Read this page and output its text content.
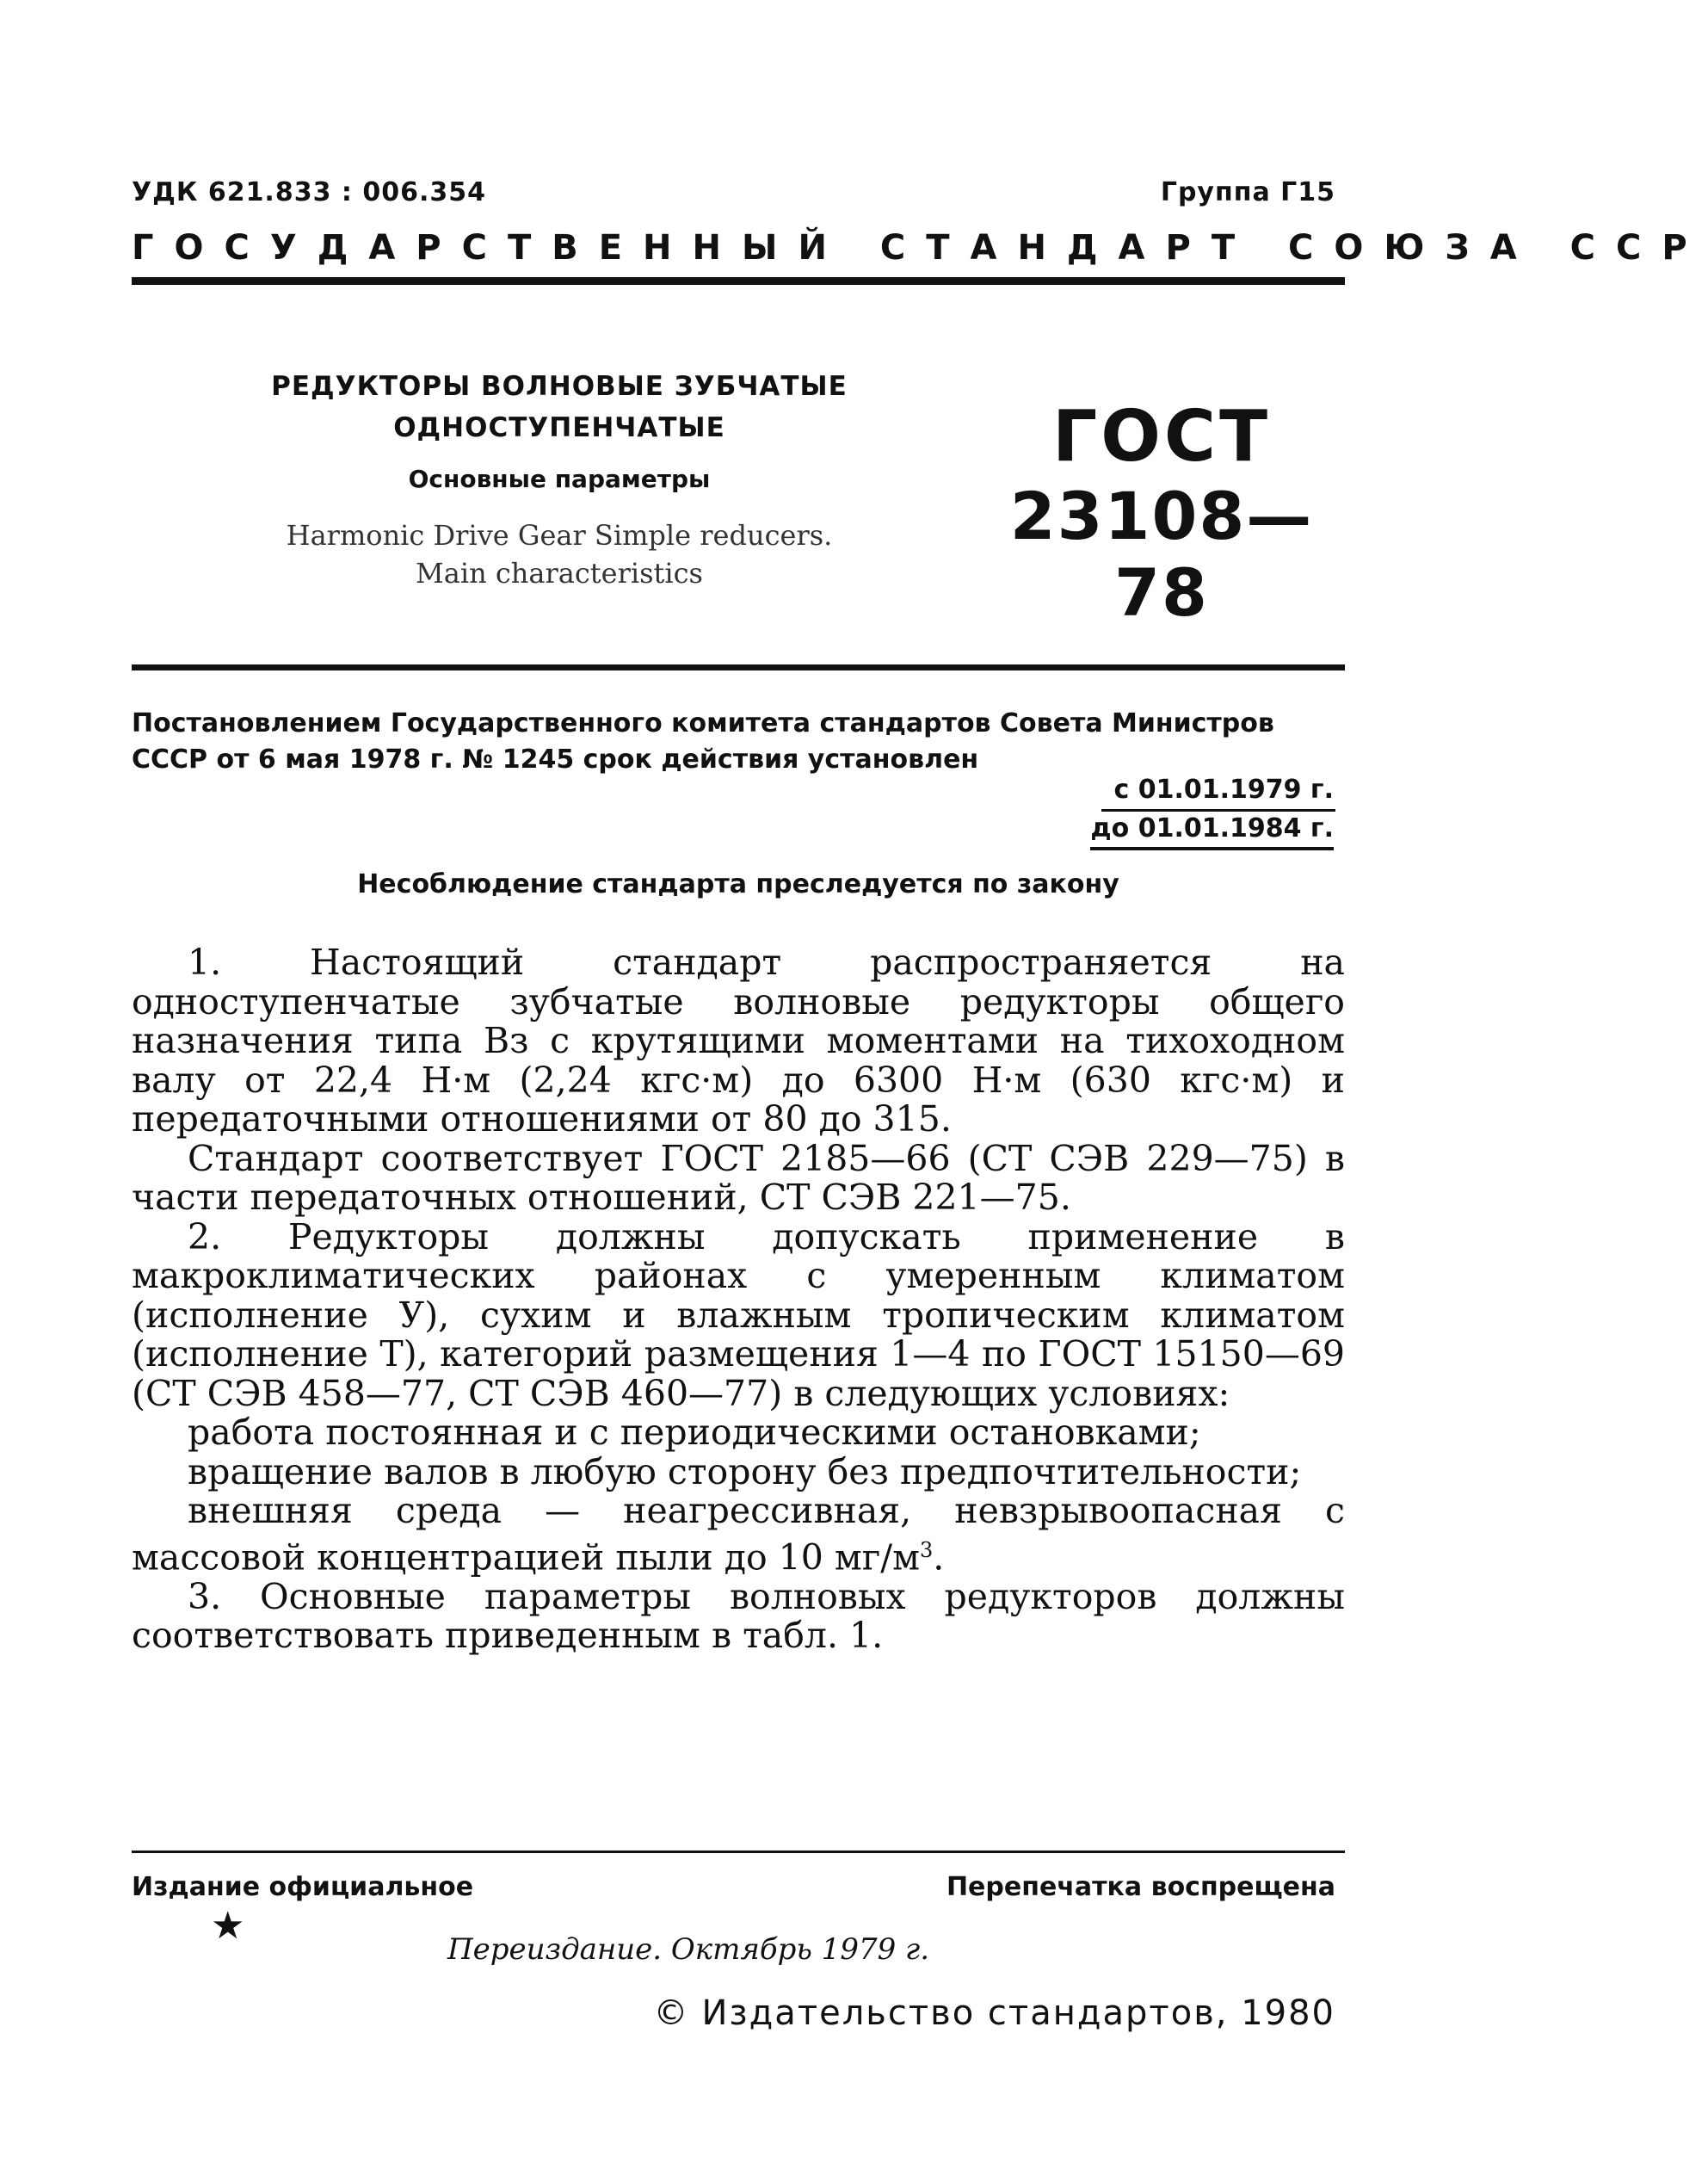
УДК 621.833 : 006.354	Группа Г15
ГОСУДАРСТВЕННЫЙ СТАНДАРТ СОЮЗА ССР
РЕДУКТОРЫ ВОЛНОВЫЕ ЗУБЧАТЫЕ
ОДНОСТУПЕНЧАТЫЕ
Основные параметры
Harmonic Drive Gear Simple reducers.
Main characteristics
ГОСТ
23108—78
Постановлением Государственного комитета стандартов Совета Министров СССР от 6 мая 1978 г. № 1245 срок действия установлен
с 01.01.1979 г.
до 01.01.1984 г.
Несоблюдение стандарта преследуется по закону

1. Настоящий стандарт распространяется на одноступенчатые зубчатые волновые редукторы общего назначения типа Вз с крутящими моментами на тихоходном валу от 22,4 Н·м (2,24 кгс·м) до 6300 Н·м (630 кгс·м) и передаточными отношениями от 80 до 315.

Стандарт соответствует ГОСТ 2185—66 (СТ СЭВ 229—75) в части передаточных отношений, СТ СЭВ 221—75.

2. Редукторы должны допускать применение в макроклиматических районах с умеренным климатом (исполнение У), сухим и влажным тропическим климатом (исполнение Т), категорий размещения 1—4 по ГОСТ 15150—69 (СТ СЭВ 458—77, СТ СЭВ 460—77) в следующих условиях:

работа постоянная и с периодическими остановками;

вращение валов в любую сторону без предпочтительности;

внешняя среда — неагрессивная, невзрывоопасная с массовой концентрацией пыли до 10 $мг/м^3$.

3. Основные параметры волновых редукторов должны соответствовать приведенным в табл. 1.

Издание официальное	Перепечатка воспрещена
★
Переиздание. Октябрь 1979 г.
© Издательство стандартов, 1980
